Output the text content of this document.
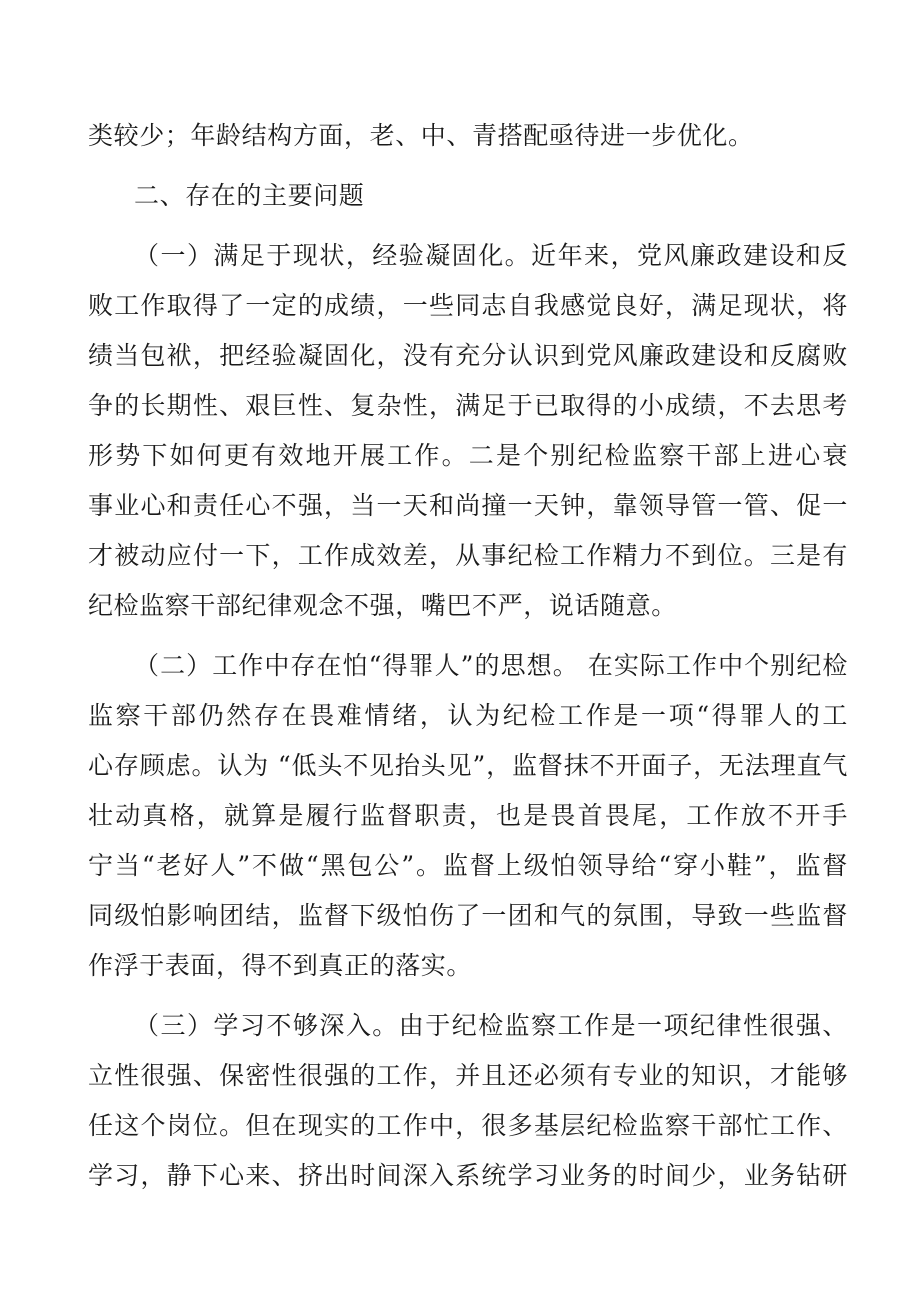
类较少；年龄结构方面，老、中、青搭配亟待进一步优化。
二、存在的主要问题
（一）满足于现状，经验凝固化。近年来，党风廉政建设和反
败工作取得了一定的成绩，一些同志自我感觉良好，满足现状，将
绩当包袱，把经验凝固化，没有充分认识到党风廉政建设和反腐败
争的长期性、艰巨性、复杂性，满足于已取得的小成绩，不去思考
形势下如何更有效地开展工作。二是个别纪检监察干部上进心衰
事业心和责任心不强，当一天和尚撞一天钟，靠领导管一管、促一
才被动应付一下，工作成效差，从事纪检工作精力不到位。三是有
纪检监察干部纪律观念不强，嘴巴不严，说话随意。
（二）工作中存在怕“得罪人”的思想。 在实际工作中个别纪检
监察干部仍然存在畏难情绪，认为纪检工作是一项“得罪人的工
心存顾虑。认为 “低头不见抬头见”，监督抹不开面子，无法理直气
壮动真格，就算是履行监督职责，也是畏首畏尾，工作放不开手
宁当“老好人”不做“黑包公”。监督上级怕领导给“穿小鞋”，监督
同级怕影响团结，监督下级怕伤了一团和气的氛围，导致一些监督
作浮于表面，得不到真正的落实。
（三）学习不够深入。由于纪检监察工作是一项纪律性很强、
立性很强、保密性很强的工作，并且还必须有专业的知识，才能够
任这个岗位。但在现实的工作中，很多基层纪检监察干部忙工作、
学习，静下心来、挤出时间深入系统学习业务的时间少，业务钻研
